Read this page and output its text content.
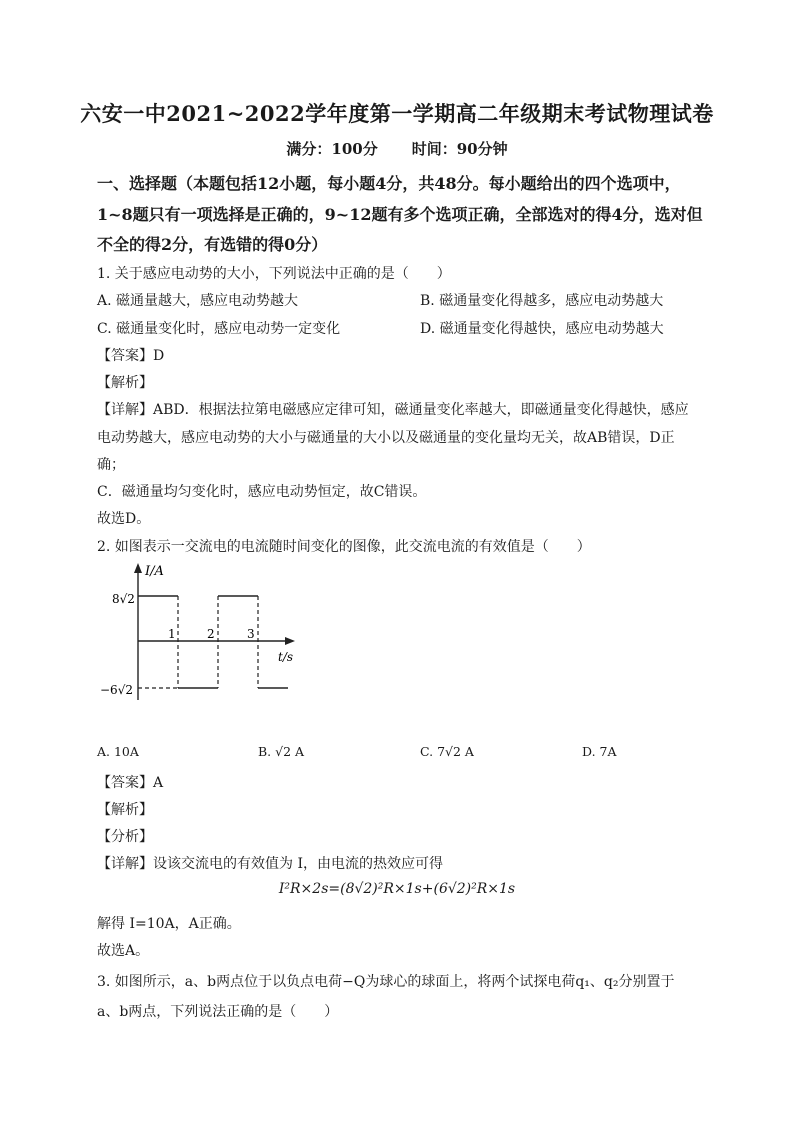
六安一中2021~2022学年度第一学期高二年级期末考试物理试卷
满分：100分 时间：90分钟
一、选择题（本题包括12小题，每小题4分，共48分。每小题给出的四个选项中，
1~8题只有一项选择是正确的，9~12题有多个选项正确，全部选对的得4分，选对但
不全的得2分，有选错的得0分）
1. 关于感应电动势的大小，下列说法中正确的是（　　）
A. 磁通量越大，感应电动势越大	B. 磁通量变化得越多，感应电动势越大
C. 磁通量变化时，感应电动势一定变化	D. 磁通量变化得越快，感应电动势越大
【答案】D
【解析】
【详解】ABD．根据法拉第电磁感应定律可知，磁通量变化率越大，即磁通量变化得越快，感应
电动势越大，感应电动势的大小与磁通量的大小以及磁通量的变化量均无关，故AB错误，D正
确；
C．磁通量均匀变化时，感应电动势恒定，故C错误。
故选D。
2. 如图表示一交流电的电流随时间变化的图像，此交流电流的有效值是（　　）
I/A
t/s
8√2
−6√2
1	2	3
A. 10A	B. √2 A	C. 7√2 A	D. 7A
【答案】A
【解析】
【分析】
【详解】设该交流电的有效值为 I，由电流的热效应可得
I²R×2s=(8√2)²R×1s+(6√2)²R×1s
解得 I=10A，A正确。
故选A。
3. 如图所示，a、b两点位于以负点电荷−Q为球心的球面上，将两个试探电荷q₁、q₂分别置于
a、b两点，下列说法正确的是（　　）
